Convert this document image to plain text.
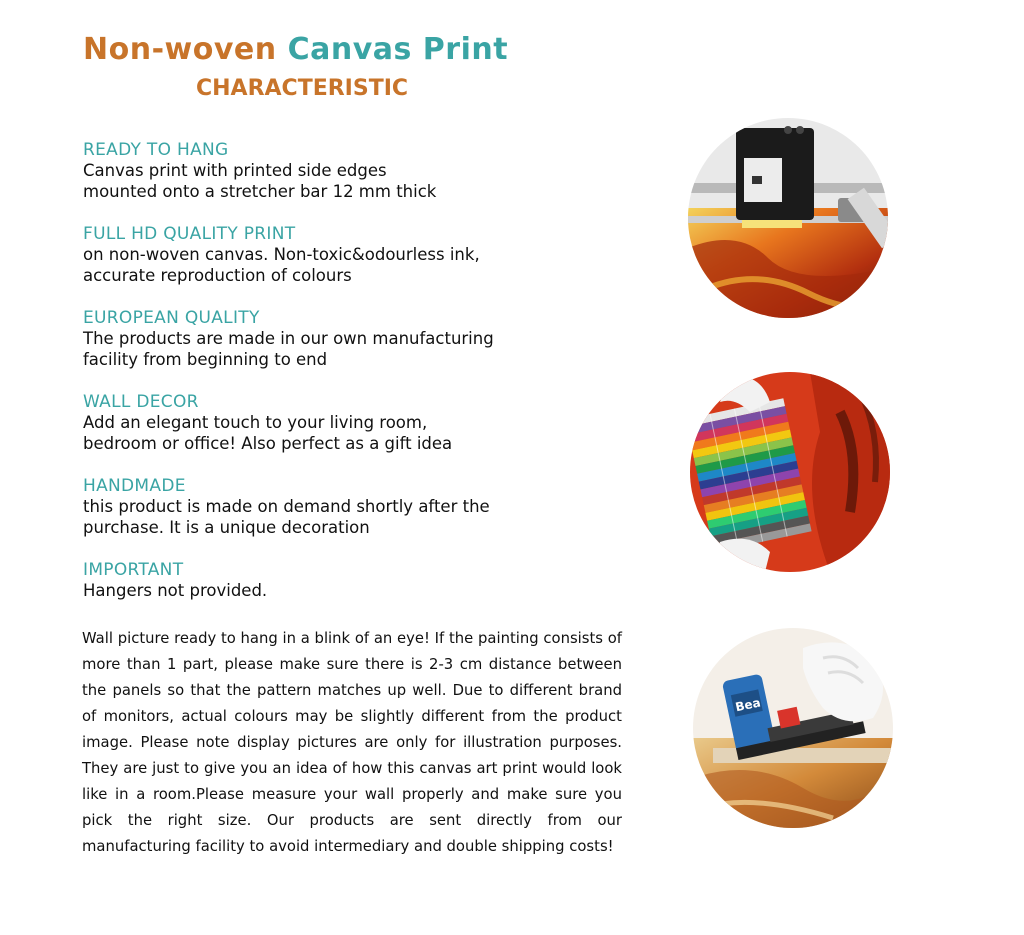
Non-woven Canvas Print
CHARACTERISTIC
READY TO HANG
Canvas print with printed side edges
mounted onto a stretcher bar 12 mm thick
FULL HD QUALITY PRINT
on non-woven canvas. Non-toxic&odourless ink,
accurate reproduction of colours
EUROPEAN QUALITY
The products are made in our own manufacturing
facility from beginning to end
WALL DECOR
Add an elegant touch to your living room,
bedroom or office! Also perfect as a gift idea
HANDMADE
this product is made on demand shortly after the
purchase. It is a unique decoration
IMPORTANT
Hangers not provided.

Wall picture ready to hang in a blink of an eye! If the painting consists of more than 1 part, please make sure there is 2-3 cm distance between the panels so that the pattern matches up well. Due to different brand of monitors, actual colours may be slightly different from the product image. Please note display pictures are only for illustration purposes. They are just to give you an idea of how this canvas art print would look like in a room.Please measure your wall properly and make sure you pick the right size. Our products are sent directly from our manufacturing facility to avoid intermediary and double shipping costs!

Bea
